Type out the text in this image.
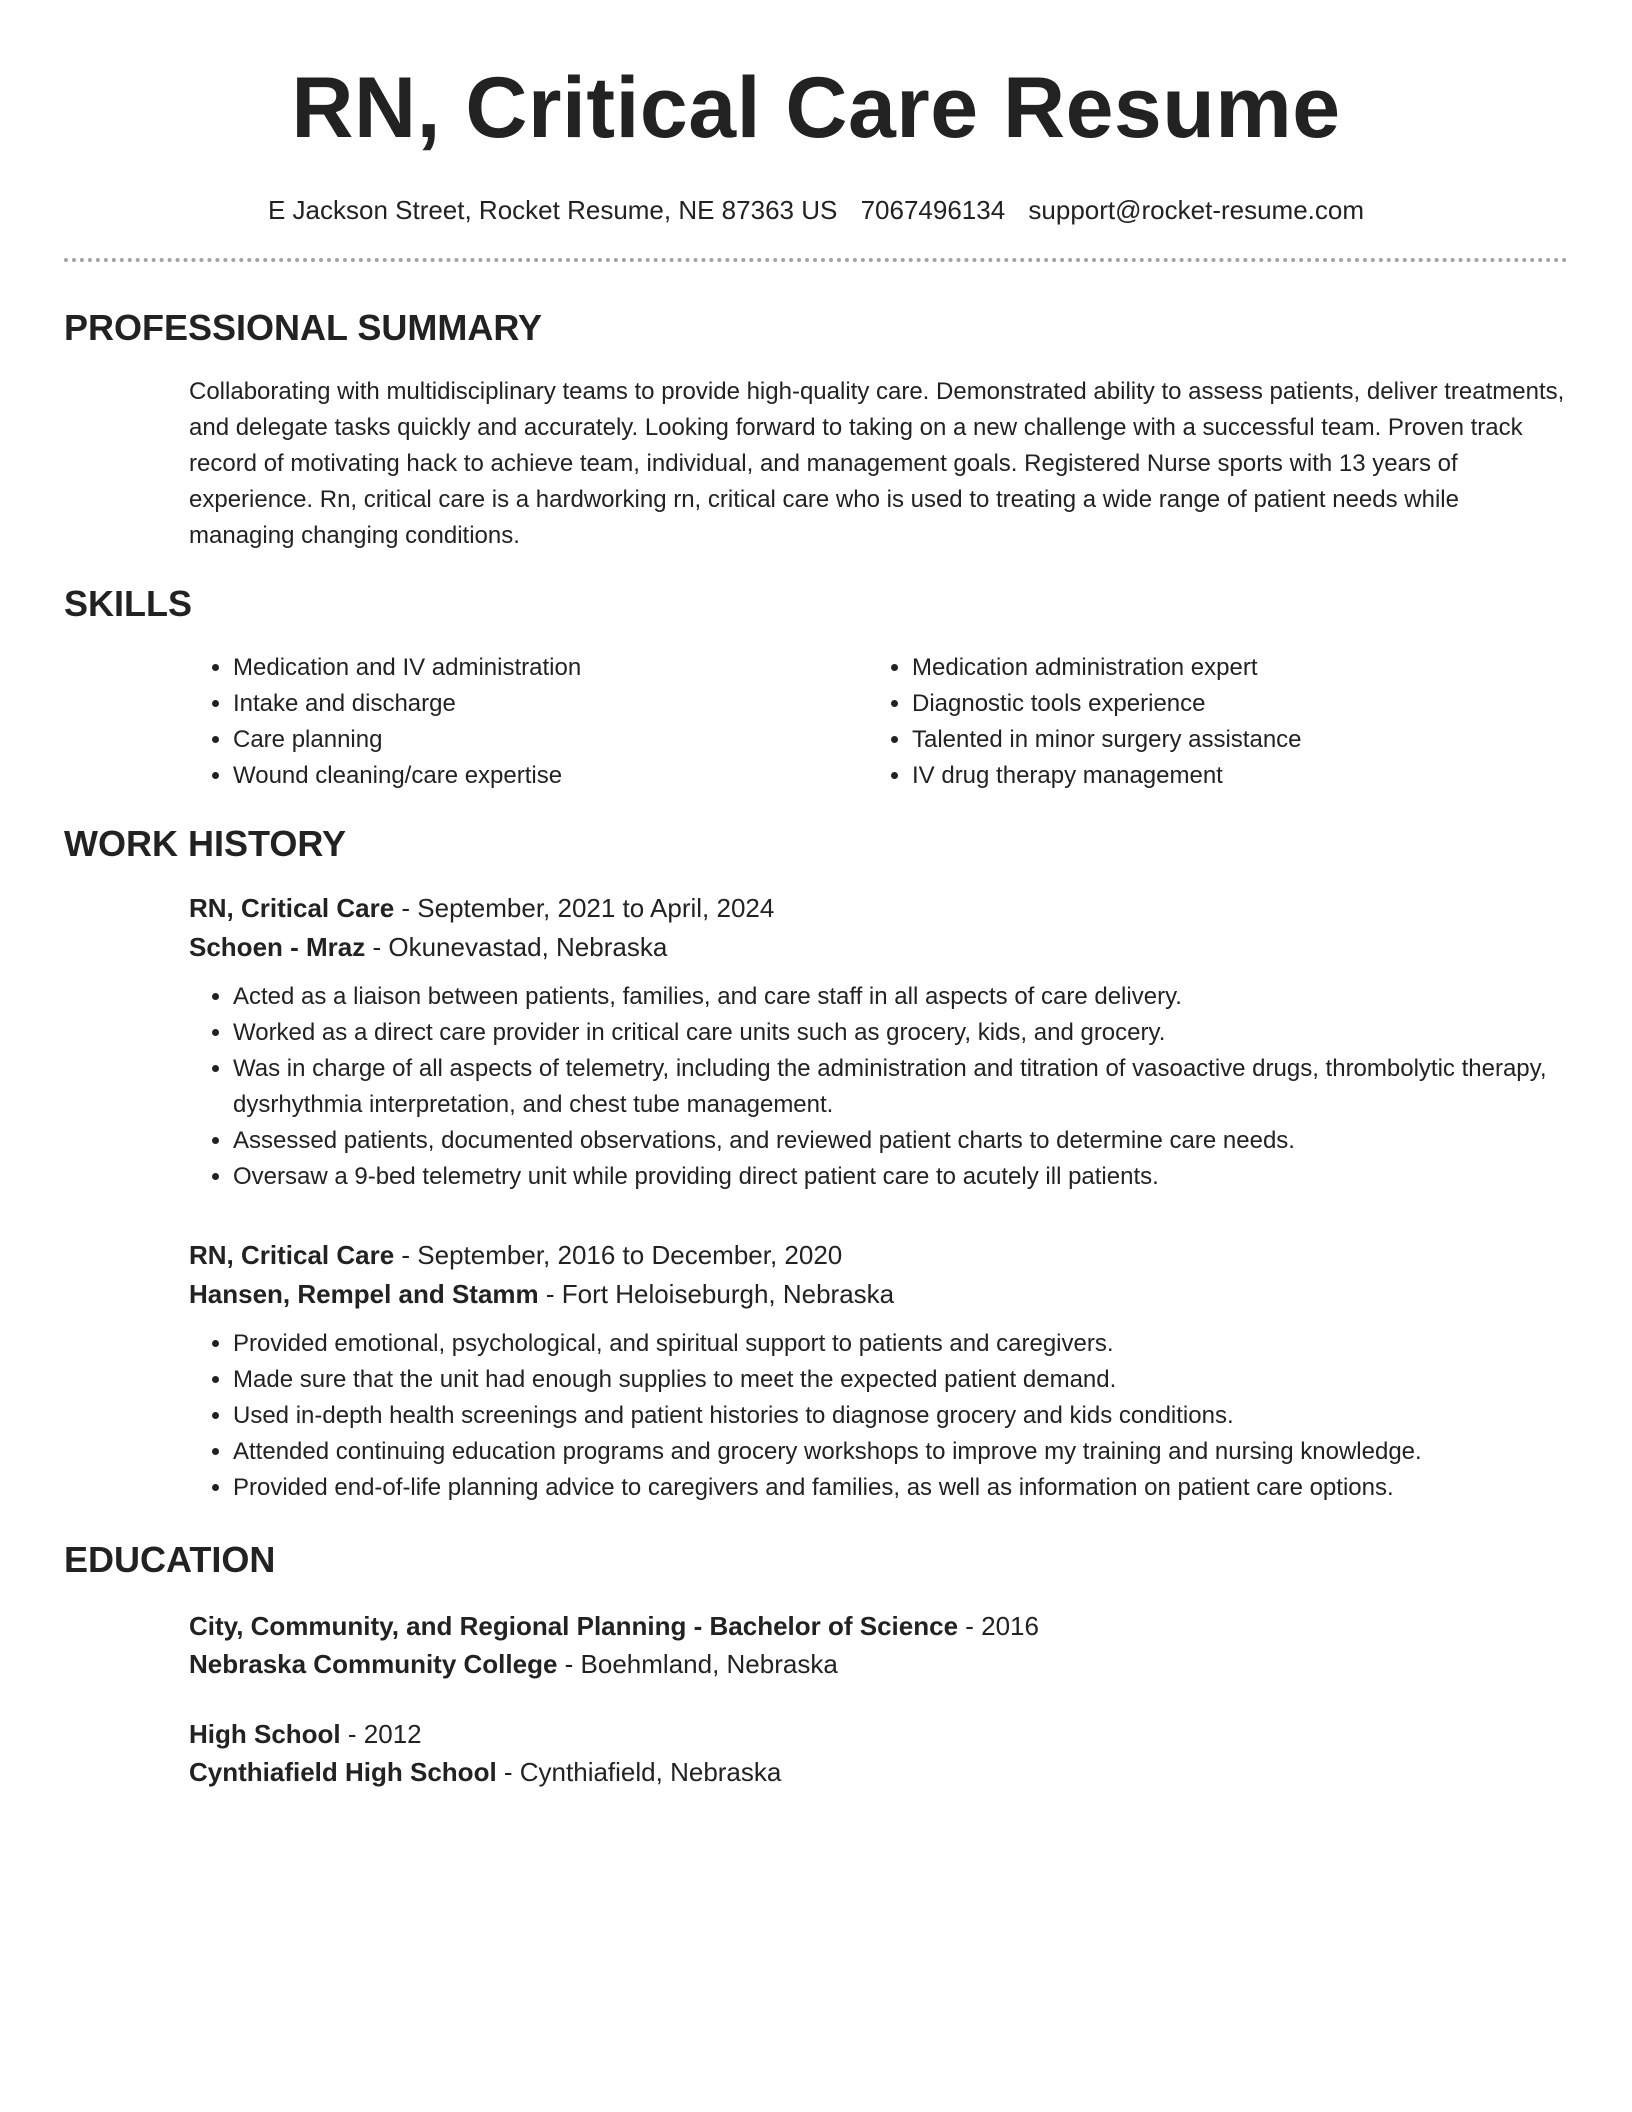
RN, Critical Care Resume
E Jackson Street, Rocket Resume, NE 87363 US 7067496134 support@rocket-resume.com
PROFESSIONAL SUMMARY
Collaborating with multidisciplinary teams to provide high-quality care. Demonstrated ability to assess patients, deliver treatments, and delegate tasks quickly and accurately. Looking forward to taking on a new challenge with a successful team. Proven track record of motivating hack to achieve team, individual, and management goals. Registered Nurse sports with 13 years of experience. Rn, critical care is a hardworking rn, critical care who is used to treating a wide range of patient needs while managing changing conditions.
SKILLS
• Medication and IV administration
• Intake and discharge
• Care planning
• Wound cleaning/care expertise
• Medication administration expert
• Diagnostic tools experience
• Talented in minor surgery assistance
• IV drug therapy management
WORK HISTORY
RN, Critical Care - September, 2021 to April, 2024
Schoen - Mraz - Okunevastad, Nebraska
• Acted as a liaison between patients, families, and care staff in all aspects of care delivery.
• Worked as a direct care provider in critical care units such as grocery, kids, and grocery.
• Was in charge of all aspects of telemetry, including the administration and titration of vasoactive drugs, thrombolytic therapy, dysrhythmia interpretation, and chest tube management.
• Assessed patients, documented observations, and reviewed patient charts to determine care needs.
• Oversaw a 9-bed telemetry unit while providing direct patient care to acutely ill patients.
RN, Critical Care - September, 2016 to December, 2020
Hansen, Rempel and Stamm - Fort Heloiseburgh, Nebraska
• Provided emotional, psychological, and spiritual support to patients and caregivers.
• Made sure that the unit had enough supplies to meet the expected patient demand.
• Used in-depth health screenings and patient histories to diagnose grocery and kids conditions.
• Attended continuing education programs and grocery workshops to improve my training and nursing knowledge.
• Provided end-of-life planning advice to caregivers and families, as well as information on patient care options.
EDUCATION
City, Community, and Regional Planning - Bachelor of Science - 2016
Nebraska Community College - Boehmland, Nebraska
High School - 2012
Cynthiafield High School - Cynthiafield, Nebraska
